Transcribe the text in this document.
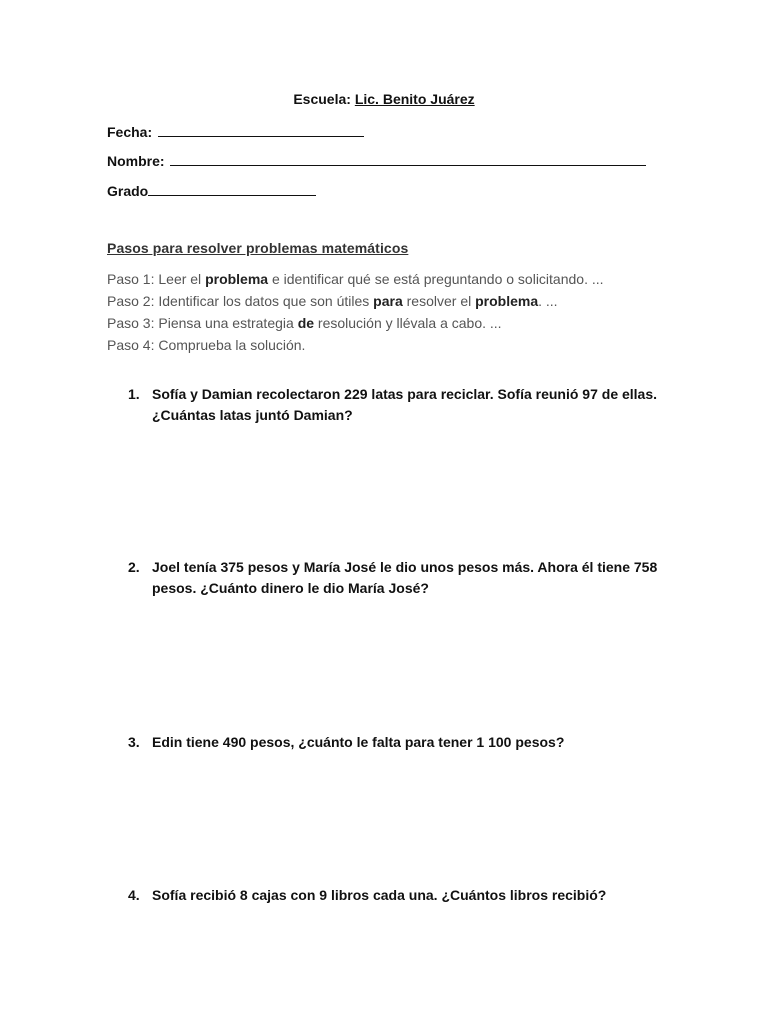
Escuela: Lic. Benito Juárez
Fecha:
Nombre:
Grado
Pasos para resolver problemas matemáticos
Paso 1: Leer el problema e identificar qué se está preguntando o solicitando. ...
Paso 2: Identificar los datos que son útiles para resolver el problema. ...
Paso 3: Piensa una estrategia de resolución y llévala a cabo. ...
Paso 4: Comprueba la solución.
1. Sofía y Damian recolectaron 229 latas para reciclar. Sofía reunió 97 de ellas. ¿Cuántas latas juntó Damian?
2. Joel tenía 375 pesos y María José le dio unos pesos más. Ahora él tiene 758 pesos. ¿Cuánto dinero le dio María José?
3. Edin tiene 490 pesos, ¿cuánto le falta para tener 1 100 pesos?
4. Sofía recibió 8 cajas con 9 libros cada una. ¿Cuántos libros recibió?
